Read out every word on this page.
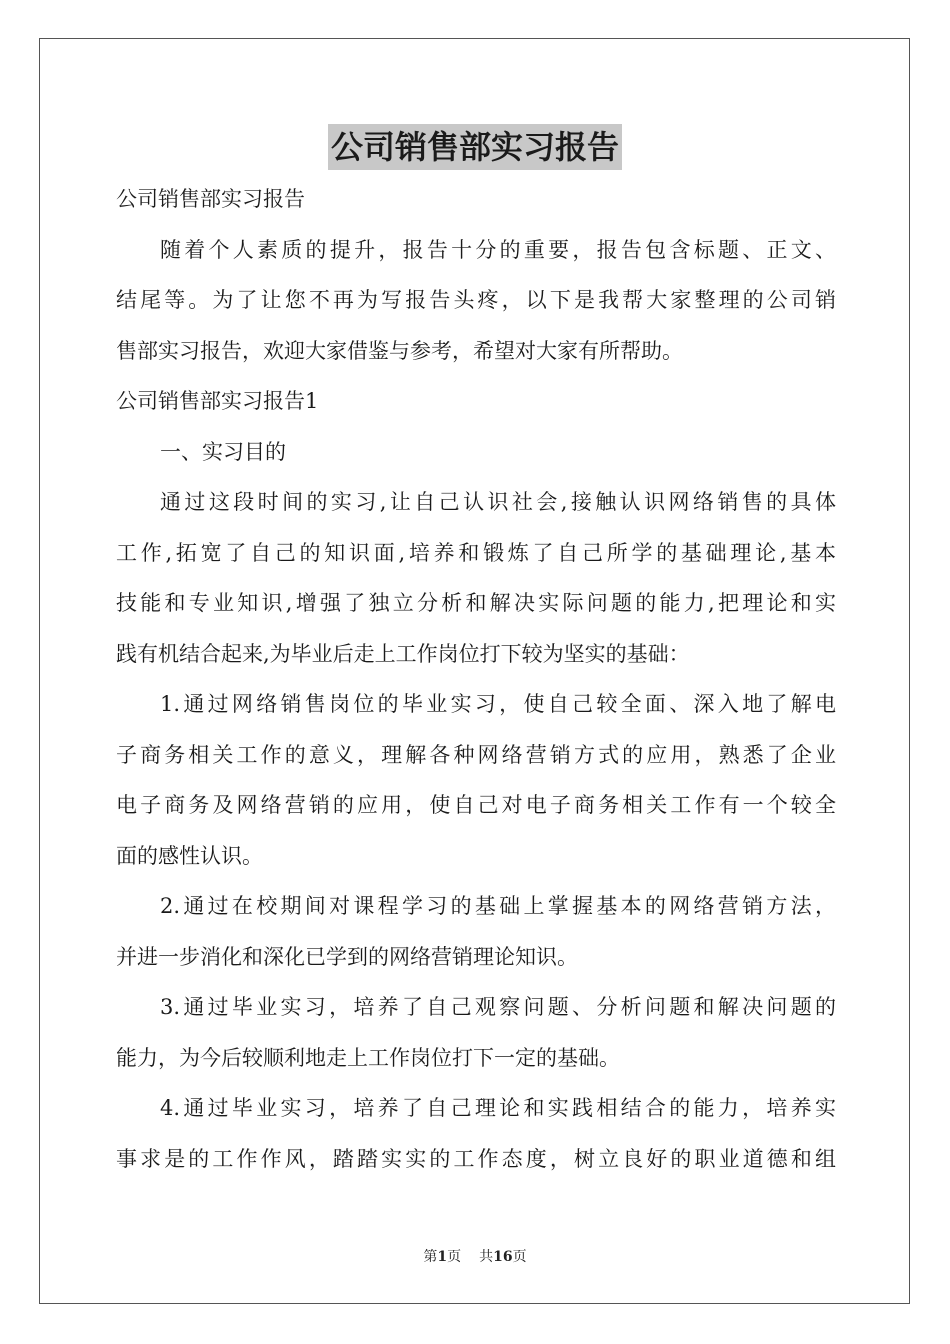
公司销售部实习报告
公司销售部实习报告
随着个人素质的提升，报告十分的重要，报告包含标题、正文、
结尾等。为了让您不再为写报告头疼，以下是我帮大家整理的公司销
售部实习报告，欢迎大家借鉴与参考，希望对大家有所帮助。
公司销售部实习报告1
一、实习目的
通过这段时间的实习,让自己认识社会,接触认识网络销售的具体
工作,拓宽了自己的知识面,培养和锻炼了自己所学的基础理论,基本
技能和专业知识,增强了独立分析和解决实际问题的能力,把理论和实
践有机结合起来,为毕业后走上工作岗位打下较为坚实的基础：
1.通过网络销售岗位的毕业实习，使自己较全面、深入地了解电
子商务相关工作的意义，理解各种网络营销方式的应用，熟悉了企业
电子商务及网络营销的应用，使自己对电子商务相关工作有一个较全
面的感性认识。
2.通过在校期间对课程学习的基础上掌握基本的网络营销方法，
并进一步消化和深化已学到的网络营销理论知识。
3.通过毕业实习，培养了自己观察问题、分析问题和解决问题的
能力，为今后较顺利地走上工作岗位打下一定的基础。
4.通过毕业实习，培养了自己理论和实践相结合的能力，培养实
事求是的工作作风，踏踏实实的工作态度，树立良好的职业道德和组
第1页 共16页
